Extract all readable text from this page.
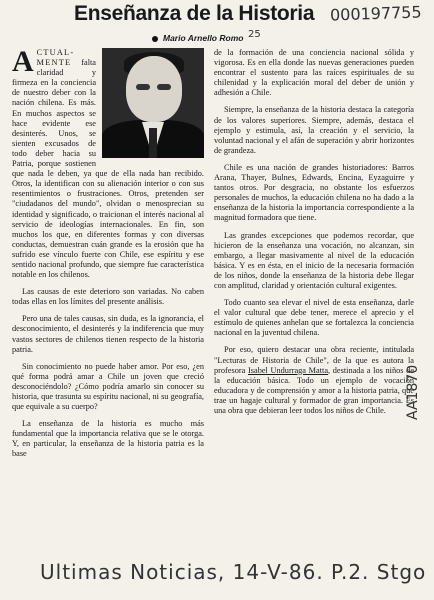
Enseñanza de la Historia 000197755
Mario Arnello Romo 25

ACTUAL-MENTE falta claridad y firmeza en la conciencia de nuestro deber con la nación chilena. Es más. En muchos aspectos se hace evidente ese desinterés. Unos, se sienten excusados de todo deber hacia su Patria, porque sostienen que nada le deben, ya que de ella nada han recibido. Otros, la identifican con su alienación interior o con sus resentimientos o frustraciones. Otros, pretenden ser "ciudadanos del mundo", olvidan o menosprecian su identidad y significado, o traicionan el interés nacional al servicio de ideologías internacionales. En fin, son muchos los que, en diferentes formas y con diversas conductas, demuestran cuán grande es la erosión que ha sufrido ese vínculo fuerte con Chile, ese espíritu y ese sentido nacional profundo, que siempre fue característica notable en los chilenos.

Las causas de este deterioro son variadas. No caben todas ellas en los límites del presente análisis.

Pero una de tales causas, sin duda, es la ignorancia, el desconocimiento, el desinterés y la indiferencia que muy vastos sectores de chilenos tienen respecto de la historia patria.

Sin conocimiento no puede haber amor. Por eso, ¿en qué forma podrá amar a Chile un joven que creció desconociéndolo? ¿Cómo podría amarlo sin conocer su historia, que trasunta su espíritu nacional, ni su geografía, que equivale a su cuerpo?

La enseñanza de la historia es mucho más fundamental que la importancia relativa que se le otorga. Y, en particular, la enseñanza de la historia patria es la base

de la formación de una conciencia nacional sólida y vigorosa. Es en ella donde las nuevas generaciones pueden encontrar el sustento para las raíces espirituales de su chilenidad y la explicación moral del deber de unión y adhesión a Chile.

Siempre, la enseñanza de la historia destaca la categoría de los valores superiores. Siempre, además, destaca el ejemplo y estimula, así, la creación y el servicio, la voluntad nacional y el afán de superación y abrir horizontes de grandeza.

Chile es una nación de grandes historiadores: Barros Arana, Thayer, Bulnes, Edwards, Encina, Eyzaguirre y tantos otros. Por desgracia, no obstante los esfuerzos personales de muchos, la educación chilena no ha dado a la enseñanza de la historia la importancia correspondiente a la magnitud formadora que tiene.

Las grandes excepciones que podemos recordar, que hicieron de la enseñanza una vocación, no alcanzan, sin embargo, a llegar masivamente al nivel de la educación básica. Y es en ésta, en el inicio de la necesaria formación de los niños, donde la enseñanza de la historia debe llegar con amplitud, claridad y orientación cultural exigentes.

Todo cuanto sea elevar el nivel de esta enseñanza, darle el valor cultural que debe tener, merece el aprecio y el estímulo de quienes anhelan que se fortalezca la conciencia nacional en la juventud chilena.

Por eso, quiero destacar una obra reciente, intitulada "Lecturas de Historia de Chile", de la que es autora la profesora Isabel Undurraga Matta, destinada a los niños de la educación básica. Todo un ejemplo de vocación educadora y de comprensión y amor a la historia patria, que trae un hagaje cultural y formador de gran importancia. Es una obra que debieran leer todos los niños de Chile.	AA1870
Ultimas Noticias, 14-V-86. P.2. Stgo
